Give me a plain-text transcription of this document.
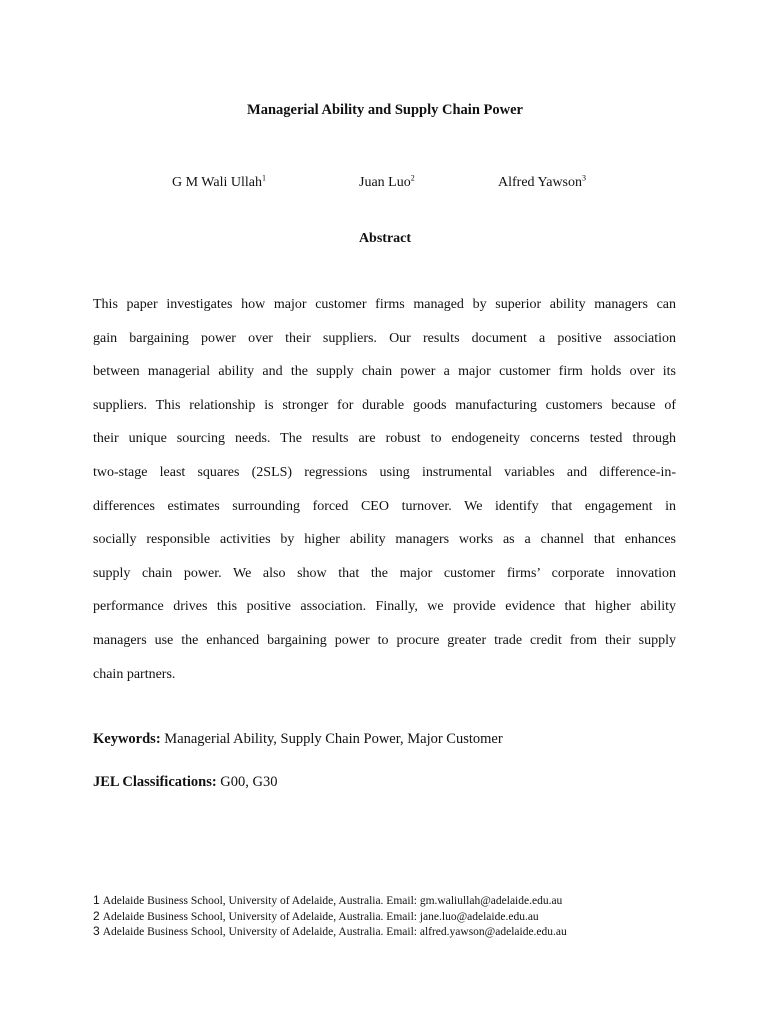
Managerial Ability and Supply Chain Power
G M Wali Ullah$^1$	Juan Luo$^2$	Alfred Yawson$^3$
Abstract
This paper investigates how major customer firms managed by superior ability managers can
gain bargaining power over their suppliers. Our results document a positive association
between managerial ability and the supply chain power a major customer firm holds over its
suppliers. This relationship is stronger for durable goods manufacturing customers because of
their unique sourcing needs. The results are robust to endogeneity concerns tested through
two-stage least squares (2SLS) regressions using instrumental variables and difference-in-
differences estimates surrounding forced CEO turnover. We identify that engagement in
socially responsible activities by higher ability managers works as a channel that enhances
supply chain power. We also show that the major customer firms’ corporate innovation
performance drives this positive association. Finally, we provide evidence that higher ability
managers use the enhanced bargaining power to procure greater trade credit from their supply
chain partners.
Keywords: Managerial Ability, Supply Chain Power, Major Customer
JEL Classifications: G00, G30
1 Adelaide Business School, University of Adelaide, Australia. Email: gm.waliullah@adelaide.edu.au
2 Adelaide Business School, University of Adelaide, Australia. Email: jane.luo@adelaide.edu.au
3 Adelaide Business School, University of Adelaide, Australia. Email: alfred.yawson@adelaide.edu.au
